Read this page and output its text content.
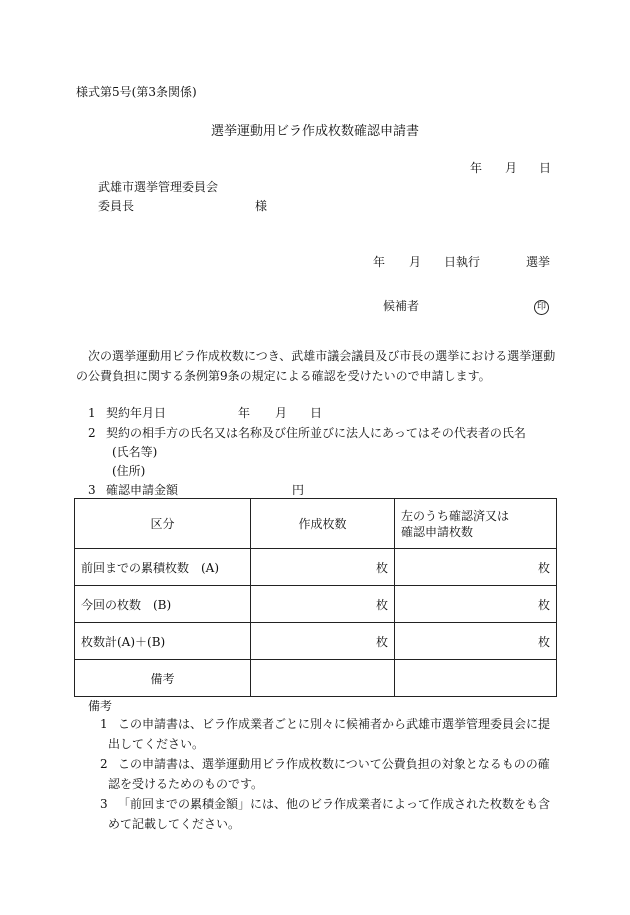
様式第5号(第3条関係)
選挙運動用ビラ作成枚数確認申請書
年 月 日
武雄市選挙管理委員会
委員長	様
年 月 日執行	選挙
候補者	印
次の選挙運動用ビラ作成枚数につき、武雄市議会議員及び市長の選挙における選挙運動の公費負担に関する条例第9条の規定による確認を受けたいので申請します。
1 契約年月日	年 月 日
2 契約の相手方の氏名又は名称及び住所並びに法人にあってはその代表者の氏名
(氏名等)
(住所)
3 確認申請金額	円
区分	作成枚数	左のうち確認済又は
確認申請枚数

前回までの累積枚数　(A)	枚	枚
今回の枚数　(B)	枚	枚
枚数計(A)＋(B)	枚	枚
備考		
備考
1 この申請書は、ビラ作成業者ごとに別々に候補者から武雄市選挙管理委員会に提出してください。
2 この申請書は、選挙運動用ビラ作成枚数について公費負担の対象となるものの確認を受けるためのものです。
3 「前回までの累積金額」には、他のビラ作成業者によって作成された枚数をも含めて記載してください。
